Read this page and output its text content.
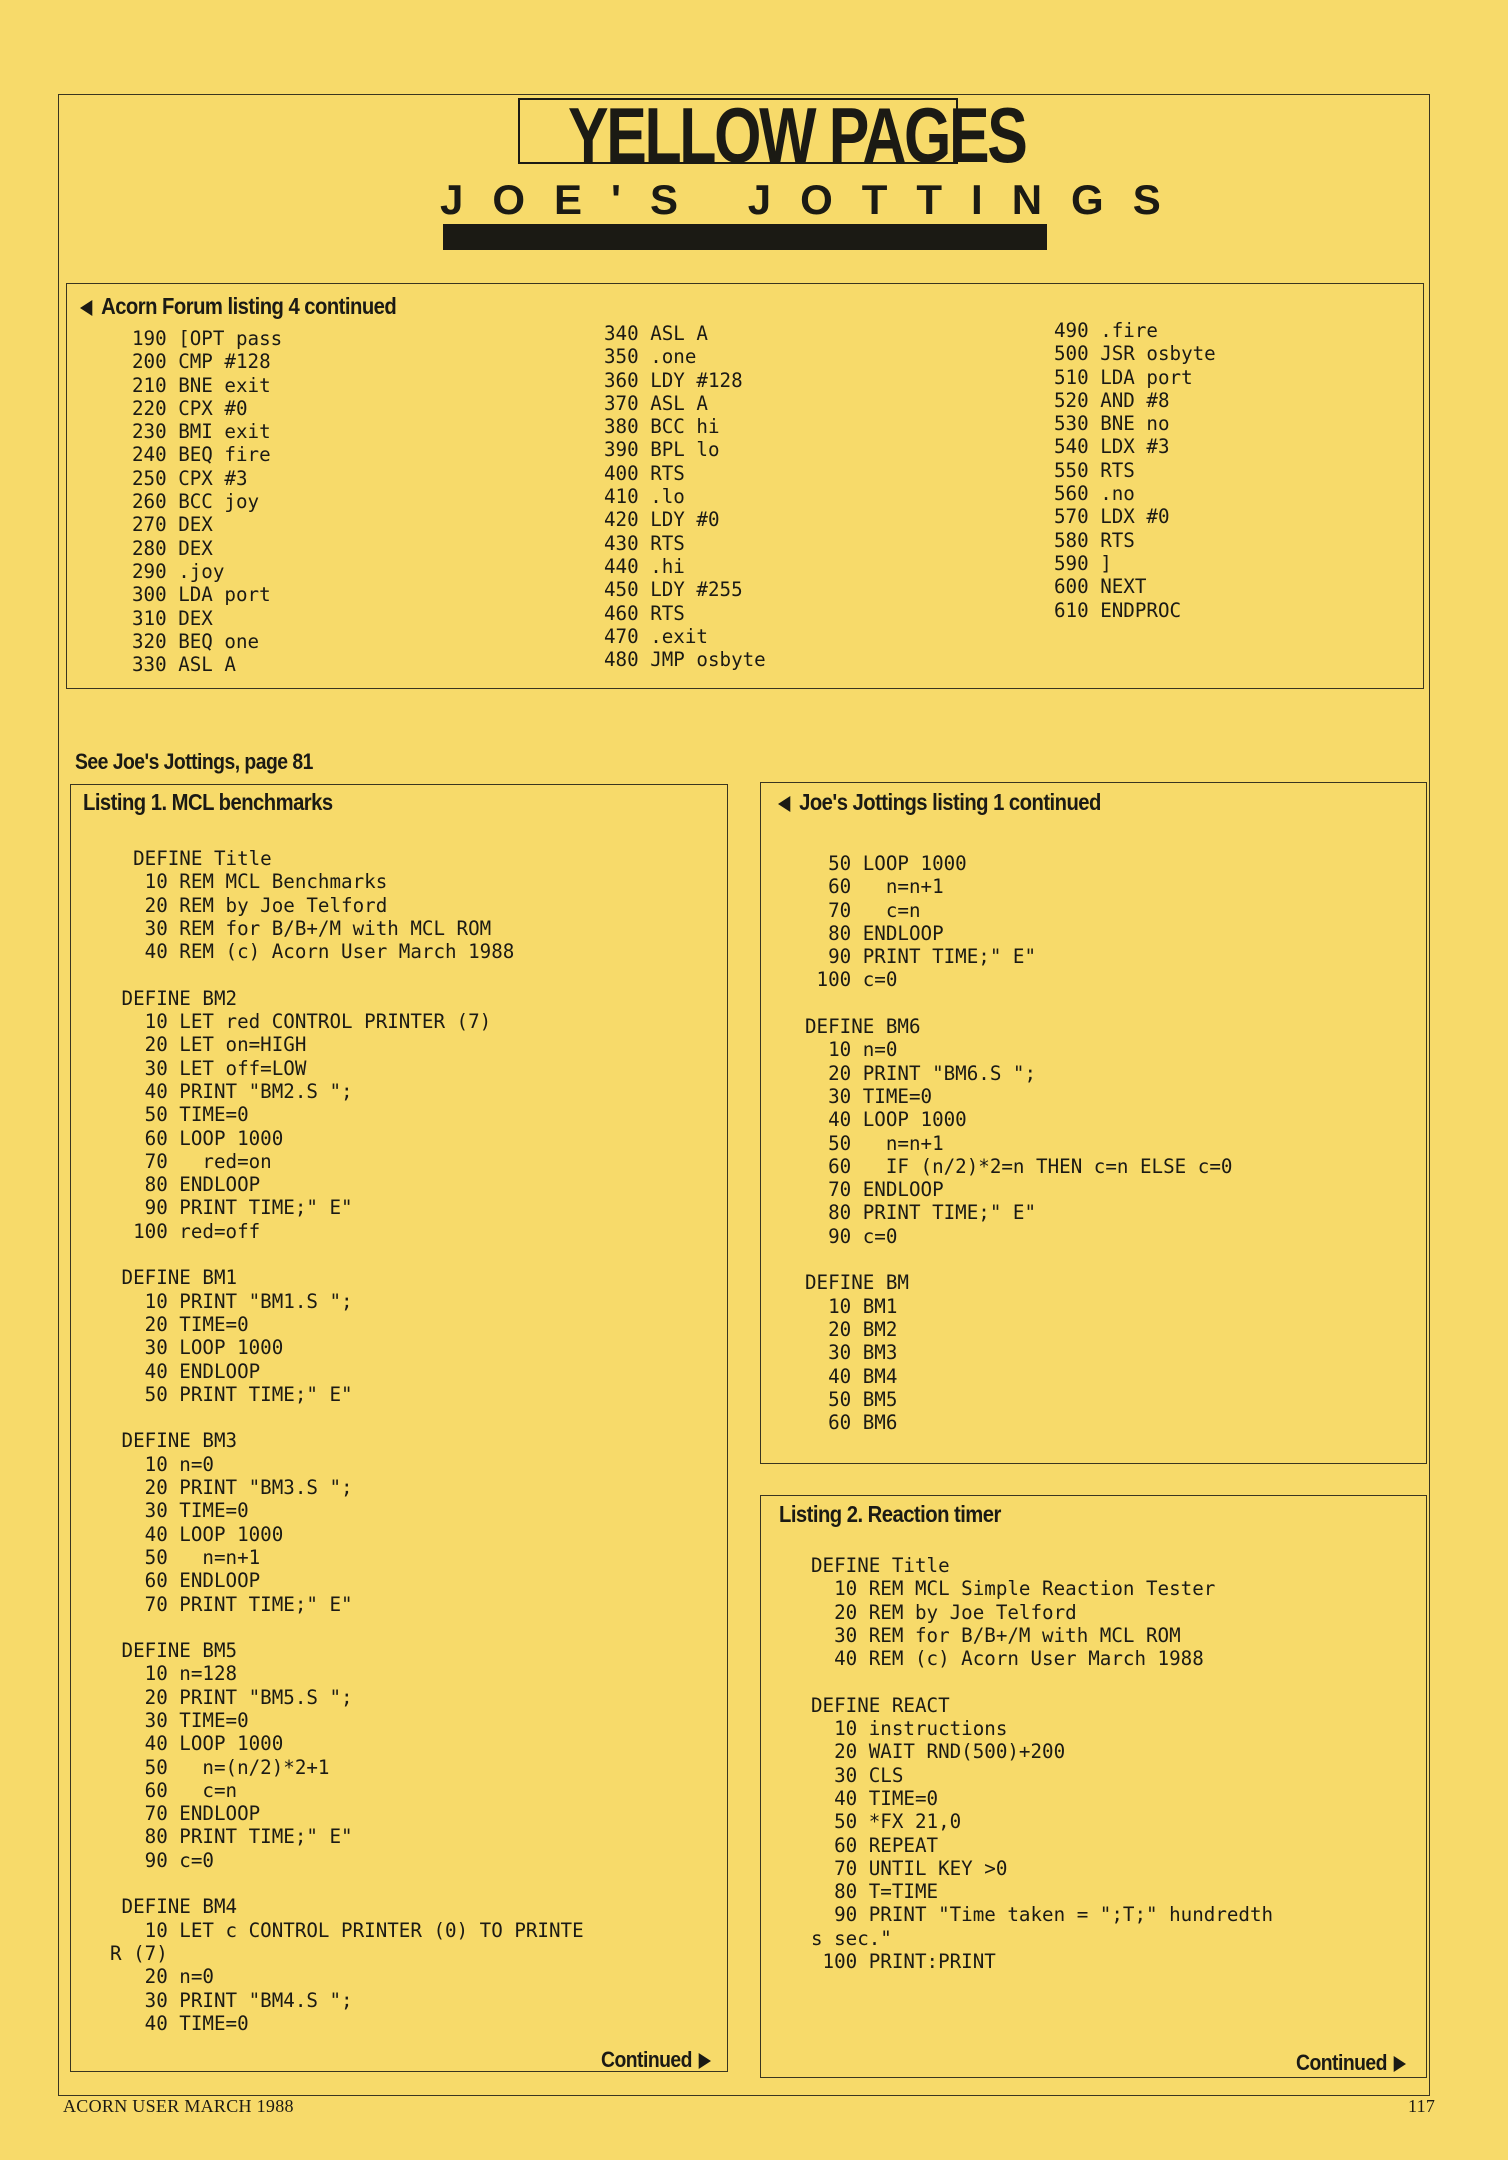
YELLOW PAGES
JOE'S JOTTINGS
Acorn Forum listing 4 continued
190 [OPT pass
200 CMP #128
210 BNE exit
220 CPX #0
230 BMI exit
240 BEQ fire
250 CPX #3
260 BCC joy
270 DEX
280 DEX
290 .joy
300 LDA port
310 DEX
320 BEQ one
330 ASL A
340 ASL A
350 .one
360 LDY #128
370 ASL A
380 BCC hi
390 BPL lo
400 RTS
410 .lo
420 LDY #0
430 RTS
440 .hi
450 LDY #255
460 RTS
470 .exit
480 JMP osbyte
490 .fire
500 JSR osbyte
510 LDA port
520 AND #8
530 BNE no
540 LDX #3
550 RTS
560 .no
570 LDX #0
580 RTS
590 ]
600 NEXT
610 ENDPROC
See Joe's Jottings, page 81
Listing 1. MCL benchmarks
DEFINE Title
10 REM MCL Benchmarks
20 REM by Joe Telford
30 REM for B/B+/M with MCL ROM
40 REM (c) Acorn User March 1988

DEFINE BM2
10 LET red CONTROL PRINTER (7)
20 LET on=HIGH
30 LET off=LOW
40 PRINT "BM2.S ";
50 TIME=0
60 LOOP 1000
70   red=on
80 ENDLOOP
90 PRINT TIME;" E"
100 red=off

DEFINE BM1
10 PRINT "BM1.S ";
20 TIME=0
30 LOOP 1000
40 ENDLOOP
50 PRINT TIME;" E"

DEFINE BM3
10 n=0
20 PRINT "BM3.S ";
30 TIME=0
40 LOOP 1000
50   n=n+1
60 ENDLOOP
70 PRINT TIME;" E"

DEFINE BM5
10 n=128
20 PRINT "BM5.S ";
30 TIME=0
40 LOOP 1000
50   n=(n/2)*2+1
60   c=n
70 ENDLOOP
80 PRINT TIME;" E"
90 c=0

DEFINE BM4
10 LET c CONTROL PRINTER (0) TO PRINTE
R (7)
20 n=0
30 PRINT "BM4.S ";
40 TIME=0
Continued
Joe's Jottings listing 1 continued
50 LOOP 1000
60   n=n+1
70   c=n
80 ENDLOOP
90 PRINT TIME;" E"
100 c=0

DEFINE BM6
10 n=0
20 PRINT "BM6.S ";
30 TIME=0
40 LOOP 1000
50   n=n+1
60   IF (n/2)*2=n THEN c=n ELSE c=0
70 ENDLOOP
80 PRINT TIME;" E"
90 c=0

DEFINE BM
10 BM1
20 BM2
30 BM3
40 BM4
50 BM5
60 BM6
Listing 2. Reaction timer
DEFINE Title
10 REM MCL Simple Reaction Tester
20 REM by Joe Telford
30 REM for B/B+/M with MCL ROM
40 REM (c) Acorn User March 1988

DEFINE REACT
10 instructions
20 WAIT RND(500)+200
30 CLS
40 TIME=0
50 *FX 21,0
60 REPEAT
70 UNTIL KEY >0
80 T=TIME
90 PRINT "Time taken = ";T;" hundredth
s sec."
100 PRINT:PRINT
Continued
ACORN USER MARCH 1988	117
